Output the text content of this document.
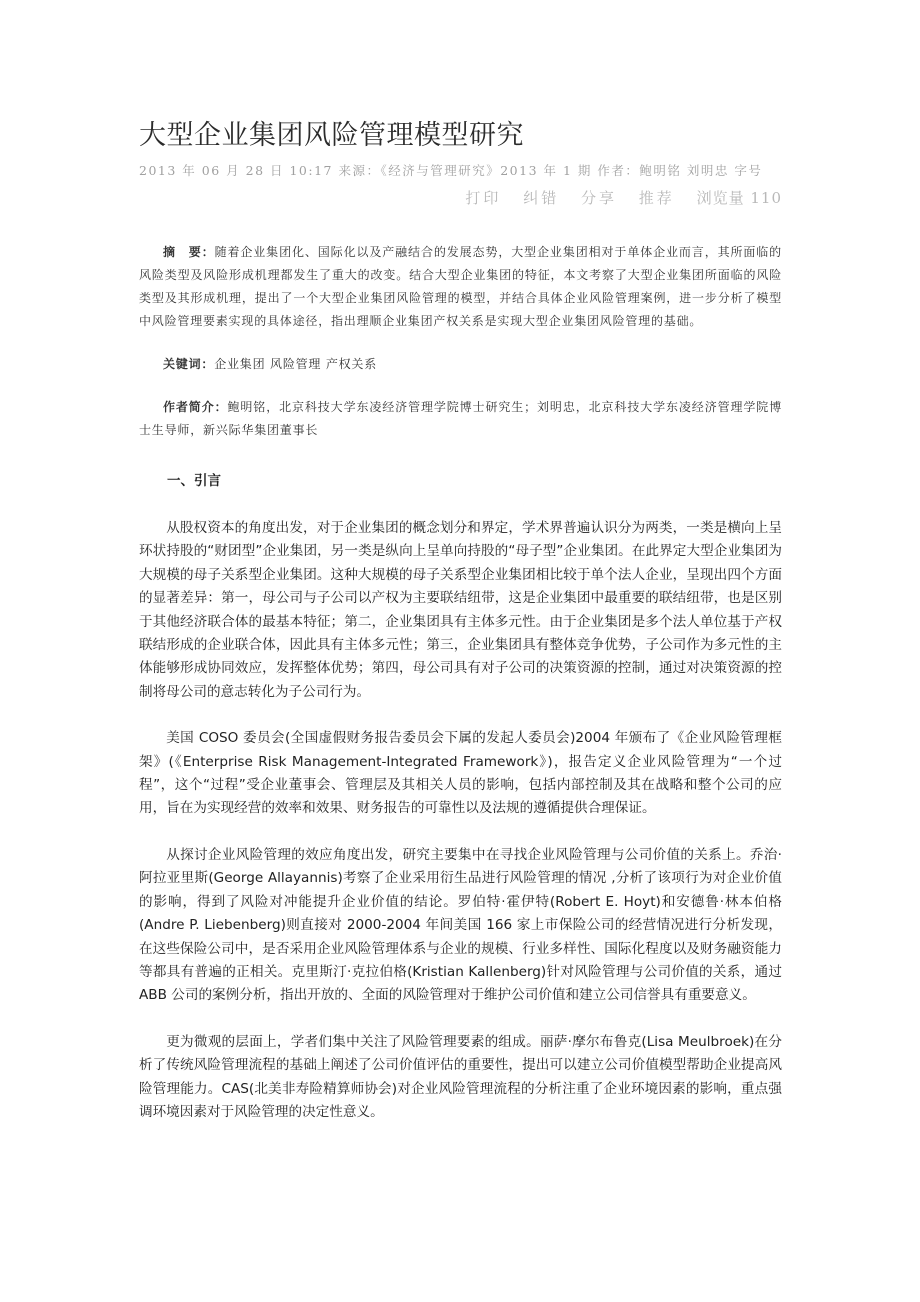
大型企业集团风险管理模型研究

2013 年 06 月 28 日 10:17 来源：《经济与管理研究》2013 年 1 期 作者：鲍明铭 刘明忠 字号

打印 纠错 分享 推荐 浏览量 110

摘　要：随着企业集团化、国际化以及产融结合的发展态势，大型企业集团相对于单体企业而言，其所面临的风险类型及风险形成机理都发生了重大的改变。结合大型企业集团的特征，本文考察了大型企业集团所面临的风险类型及其形成机理，提出了一个大型企业集团风险管理的模型，并结合具体企业风险管理案例，进一步分析了模型中风险管理要素实现的具体途径，指出理顺企业集团产权关系是实现大型企业集团风险管理的基础。

关键词：企业集团 风险管理 产权关系

作者简介：鲍明铭，北京科技大学东凌经济管理学院博士研究生；刘明忠，北京科技大学东凌经济管理学院博士生导师，新兴际华集团董事长

一、引言

从股权资本的角度出发，对于企业集团的概念划分和界定，学术界普遍认识分为两类，一类是横向上呈环状持股的“财团型”企业集团，另一类是纵向上呈单向持股的“母子型”企业集团。在此界定大型企业集团为大规模的母子关系型企业集团。这种大规模的母子关系型企业集团相比较于单个法人企业，呈现出四个方面的显著差异：第一，母公司与子公司以产权为主要联结纽带，这是企业集团中最重要的联结纽带，也是区别于其他经济联合体的最基本特征；第二，企业集团具有主体多元性。由于企业集团是多个法人单位基于产权联结形成的企业联合体，因此具有主体多元性；第三，企业集团具有整体竞争优势，子公司作为多元性的主体能够形成协同效应，发挥整体优势；第四，母公司具有对子公司的决策资源的控制，通过对决策资源的控制将母公司的意志转化为子公司行为。

美国 COSO 委员会(全国虚假财务报告委员会下属的发起人委员会)2004 年颁布了《企业风险管理框架》(《Enterprise Risk Management-Integrated Framework》)，报告定义企业风险管理为“一个过程”，这个“过程”受企业董事会、管理层及其相关人员的影响，包括内部控制及其在战略和整个公司的应用，旨在为实现经营的效率和效果、财务报告的可靠性以及法规的遵循提供合理保证。

从探讨企业风险管理的效应角度出发，研究主要集中在寻找企业风险管理与公司价值的关系上。乔治·阿拉亚里斯(George Allayannis)考察了企业采用衍生品进行风险管理的情况 ,分析了该项行为对企业价值的影响，得到了风险对冲能提升企业价值的结论。罗伯特·霍伊特(Robert E. Hoyt)和安德鲁·林本伯格(Andre P. Liebenberg)则直接对 2000-2004 年间美国 166 家上市保险公司的经营情况进行分析发现，在这些保险公司中，是否采用企业风险管理体系与企业的规模、行业多样性、国际化程度以及财务融资能力等都具有普遍的正相关。克里斯汀·克拉伯格(Kristian Kallenberg)针对风险管理与公司价值的关系，通过 ABB 公司的案例分析，指出开放的、全面的风险管理对于维护公司价值和建立公司信誉具有重要意义。

更为微观的层面上，学者们集中关注了风险管理要素的组成。丽萨·摩尔布鲁克(Lisa Meulbroek)在分析了传统风险管理流程的基础上阐述了公司价值评估的重要性，提出可以建立公司价值模型帮助企业提高风险管理能力。CAS(北美非寿险精算师协会)对企业风险管理流程的分析注重了企业环境因素的影响，重点强调环境因素对于风险管理的决定性意义。
